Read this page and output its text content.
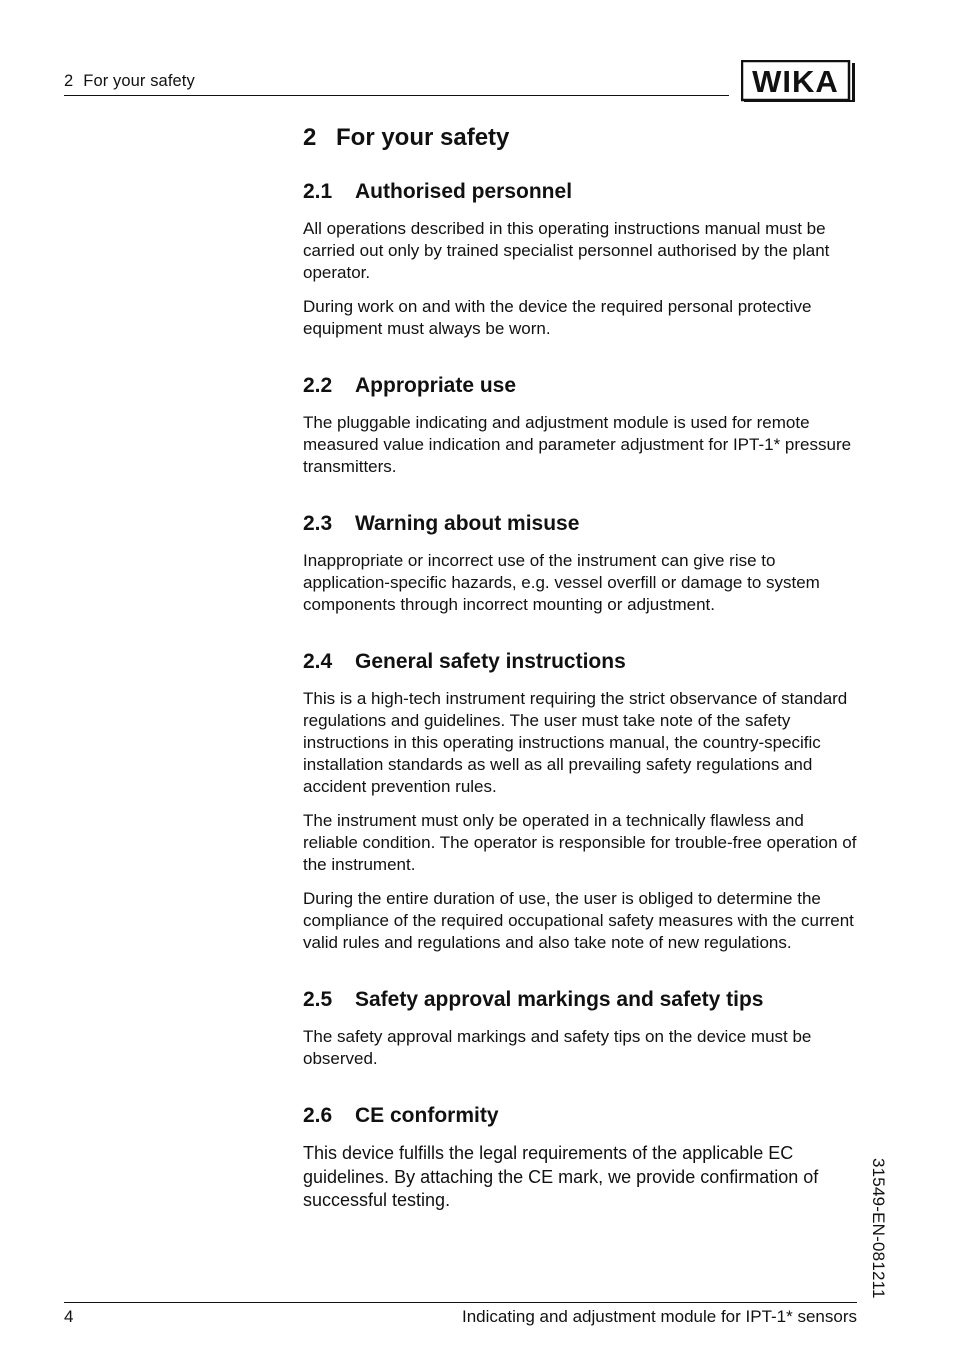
2 For your safety	WIKA
2 For your safety
2.1 Authorised personnel

All operations described in this operating instructions manual must be carried out only by trained specialist personnel authorised by the plant operator.

During work on and with the device the required personal protective equipment must always be worn.

2.2 Appropriate use

The pluggable indicating and adjustment module is used for remote measured value indication and parameter adjustment for IPT-1* pressure transmitters.

2.3 Warning about misuse

Inappropriate or incorrect use of the instrument can give rise to application-specific hazards, e.g. vessel overfill or damage to system components through incorrect mounting or adjustment.

2.4 General safety instructions

This is a high-tech instrument requiring the strict observance of standard regulations and guidelines. The user must take note of the safety instructions in this operating instructions manual, the country-specific installation standards as well as all prevailing safety regulations and accident prevention rules.

The instrument must only be operated in a technically flawless and reliable condition. The operator is responsible for trouble-free operation of the instrument.

During the entire duration of use, the user is obliged to determine the compliance of the required occupational safety measures with the current valid rules and regulations and also take note of new regulations.

2.5 Safety approval markings and safety tips

The safety approval markings and safety tips on the device must be observed.

2.6 CE conformity

This device fulfills the legal requirements of the applicable EC guidelines. By attaching the CE mark, we provide confirmation of successful testing.

4	Indicating and adjustment module for IPT-1* sensors
31549-EN-081211
